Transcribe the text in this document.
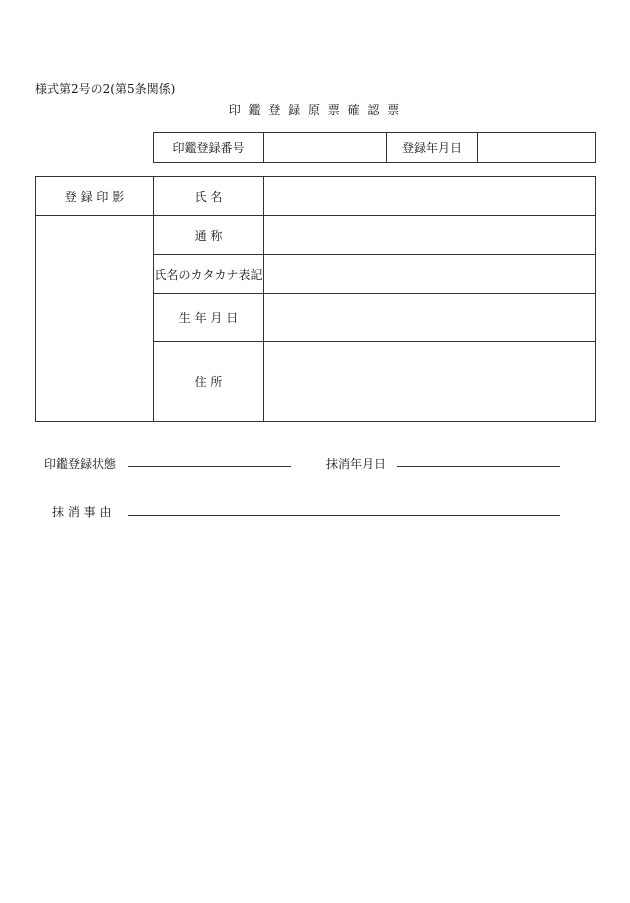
様式第2号の2(第5条関係)
印 鑑 登 録 原 票 確 認 票
印鑑登録番号		登録年月日	
登 録 印 影	氏 名	
	通 称	
	氏名のカタカナ表記	
	生 年 月 日	
	住 所	
印鑑登録状態	抹消年月日
抹 消 事 由
